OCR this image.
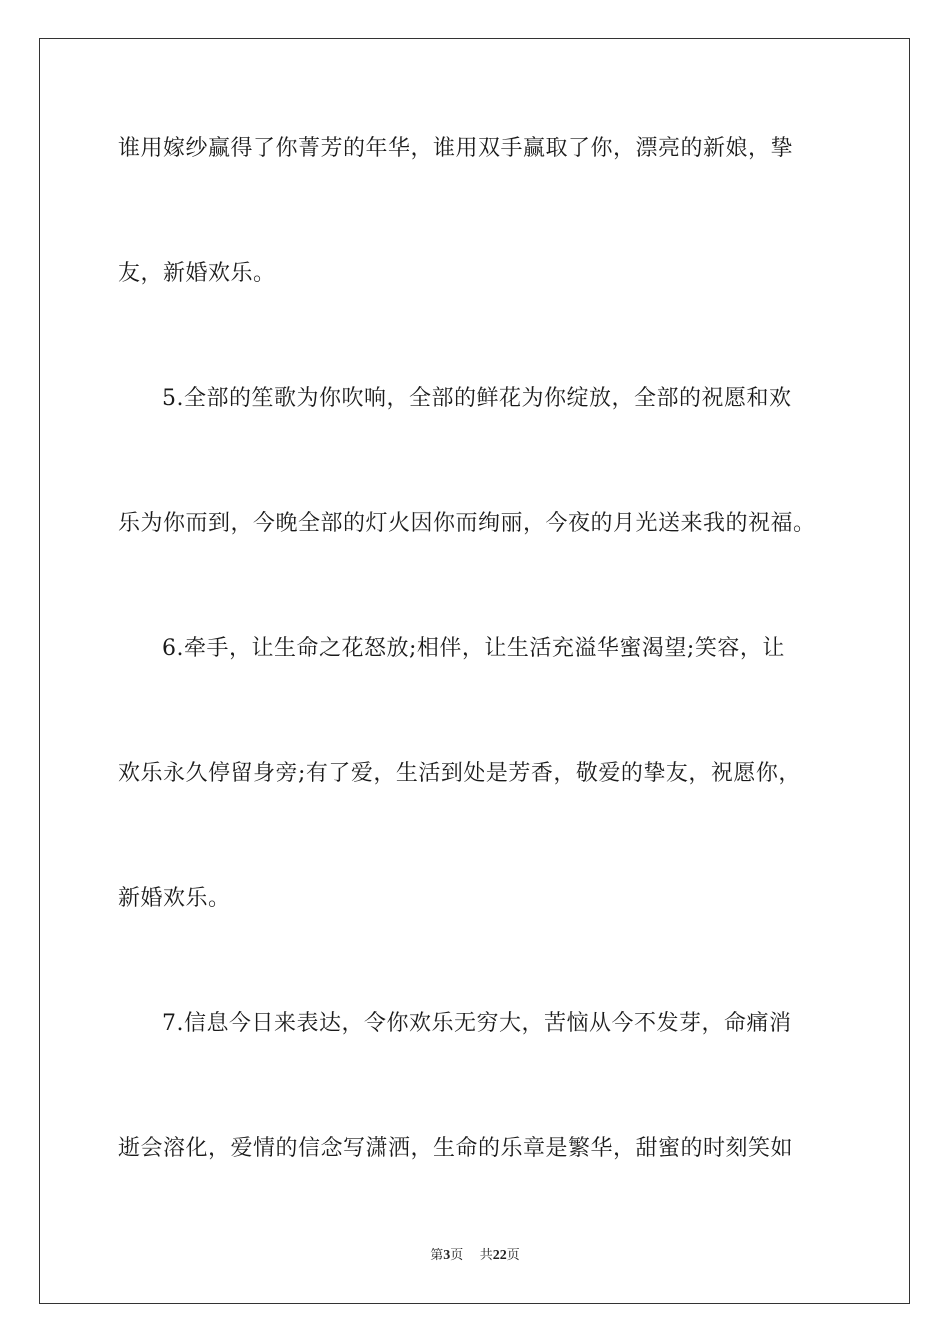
谁用嫁纱赢得了你菁芳的年华，谁用双手赢取了你，漂亮的新娘，挚
友，新婚欢乐。
5.全部的笙歌为你吹响，全部的鲜花为你绽放，全部的祝愿和欢
乐为你而到，今晚全部的灯火因你而绚丽，今夜的月光送来我的祝福。
6.牵手，让生命之花怒放;相伴，让生活充溢华蜜渴望;笑容，让
欢乐永久停留身旁;有了爱，生活到处是芳香，敬爱的挚友，祝愿你，
新婚欢乐。
7.信息今日来表达，令你欢乐无穷大，苦恼从今不发芽，命痛消
逝会溶化，爱情的信念写潇洒，生命的乐章是繁华，甜蜜的时刻笑如
第3页 共22页
